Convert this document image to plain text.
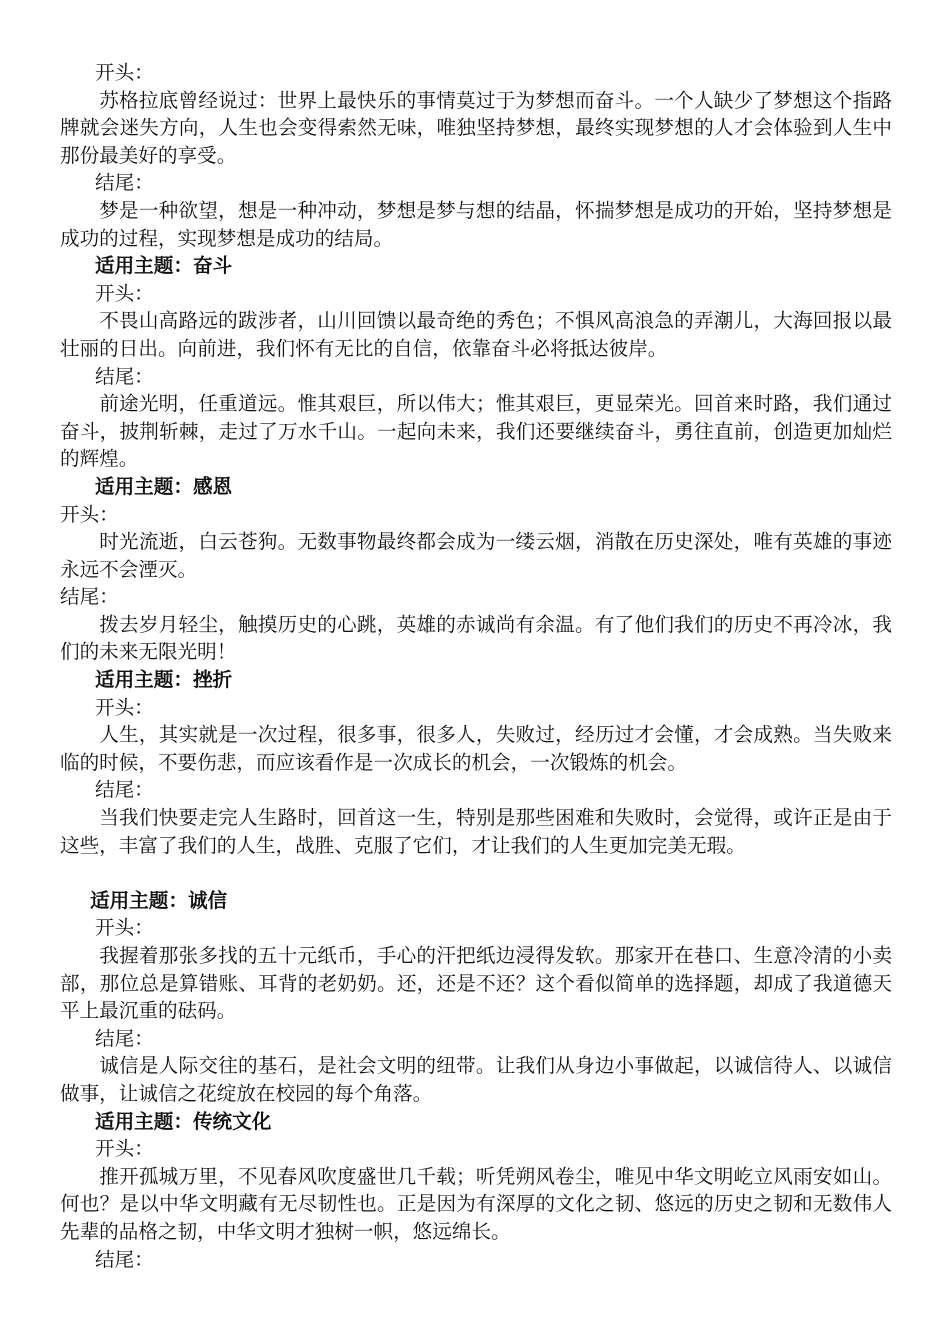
开头：

苏格拉底曾经说过：世界上最快乐的事情莫过于为梦想而奋斗。一个人缺少了梦想这个指路牌就会迷失方向，人生也会变得索然无味，唯独坚持梦想，最终实现梦想的人才会体验到人生中那份最美好的享受。

结尾：

梦是一种欲望，想是一种冲动，梦想是梦与想的结晶，怀揣梦想是成功的开始，坚持梦想是成功的过程，实现梦想是成功的结局。

适用主题：奋斗

开头：

不畏山高路远的跋涉者，山川回馈以最奇绝的秀色；不惧风高浪急的弄潮儿，大海回报以最壮丽的日出。向前进，我们怀有无比的自信，依靠奋斗必将抵达彼岸。

结尾：

前途光明，任重道远。惟其艰巨，所以伟大；惟其艰巨，更显荣光。回首来时路，我们通过奋斗，披荆斩棘，走过了万水千山。一起向未来，我们还要继续奋斗，勇往直前，创造更加灿烂的辉煌。

适用主题：感恩

开头：

时光流逝，白云苍狗。无数事物最终都会成为一缕云烟，消散在历史深处，唯有英雄的事迹永远不会湮灭。

结尾：

拨去岁月轻尘，触摸历史的心跳，英雄的赤诚尚有余温。有了他们我们的历史不再冷冰，我们的未来无限光明！

适用主题：挫折

开头：

人生，其实就是一次过程，很多事，很多人，失败过，经历过才会懂，才会成熟。当失败来临的时候，不要伤悲，而应该看作是一次成长的机会，一次锻炼的机会。

结尾：

当我们快要走完人生路时，回首这一生，特别是那些困难和失败时，会觉得，或许正是由于这些，丰富了我们的人生，战胜、克服了它们，才让我们的人生更加完美无瑕。

适用主题：诚信

开头：

我握着那张多找的五十元纸币，手心的汗把纸边浸得发软。那家开在巷口、生意冷清的小卖部，那位总是算错账、耳背的老奶奶。还，还是不还？这个看似简单的选择题，却成了我道德天平上最沉重的砝码。

结尾：

诚信是人际交往的基石，是社会文明的纽带。让我们从身边小事做起，以诚信待人、以诚信做事，让诚信之花绽放在校园的每个角落。

适用主题：传统文化

开头：

推开孤城万里，不见春风吹度盛世几千载；听凭朔风卷尘，唯见中华文明屹立风雨安如山。何也？是以中华文明藏有无尽韧性也。正是因为有深厚的文化之韧、悠远的历史之韧和无数伟人先辈的品格之韧，中华文明才独树一帜，悠远绵长。

结尾：
